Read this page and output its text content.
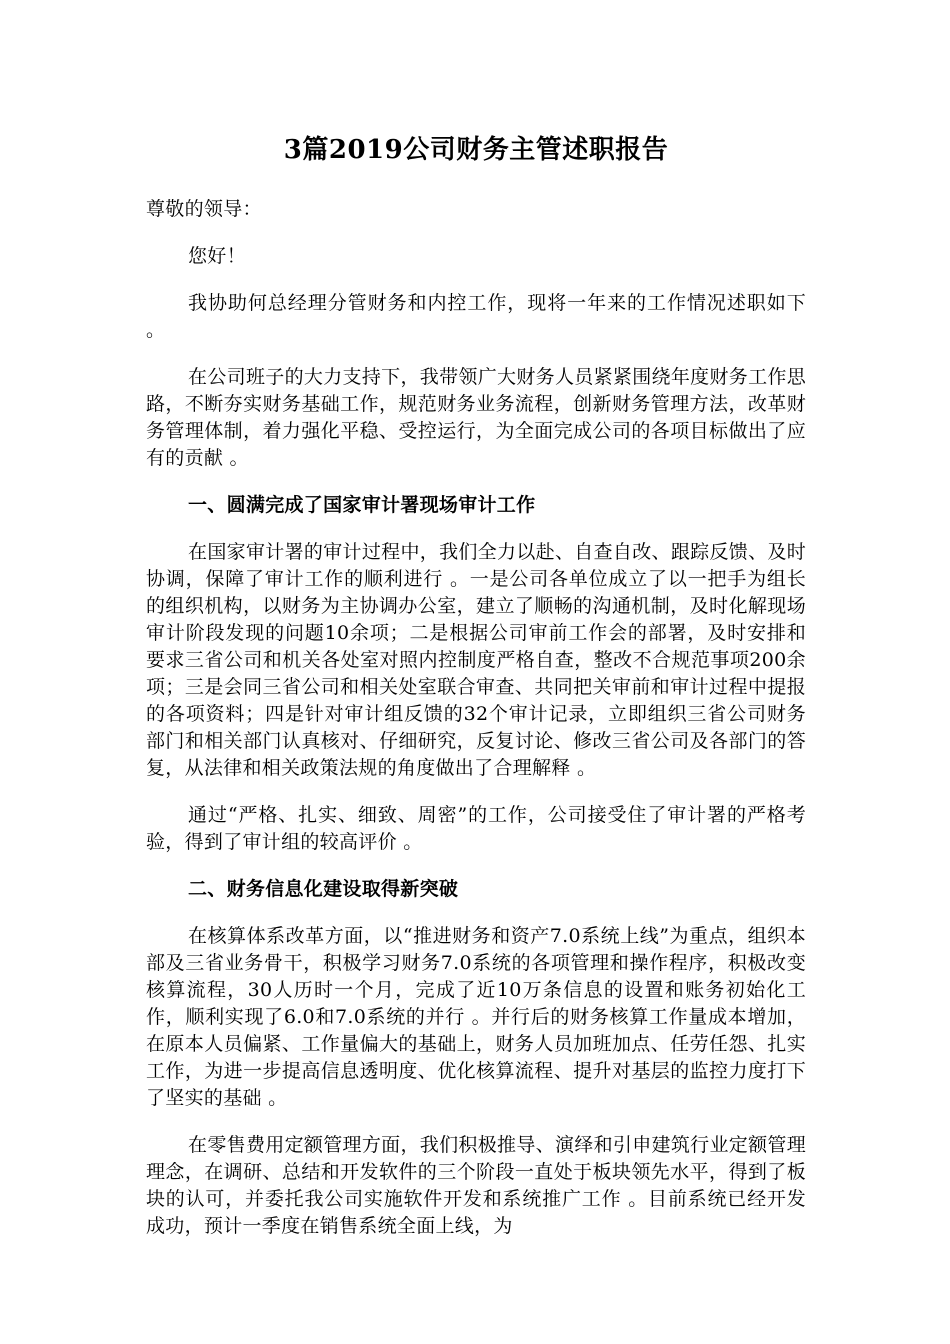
3篇2019公司财务主管述职报告

尊敬的领导：

您好！

我协助何总经理分管财务和内控工作，现将一年来的工作情况述职如下 。

在公司班子的大力支持下，我带领广大财务人员紧紧围绕年度财务工作思路，不断夯实财务基础工作，规范财务业务流程，创新财务管理方法，改革财务管理体制，着力强化平稳、受控运行，为全面完成公司的各项目标做出了应有的贡献 。

一、圆满完成了国家审计署现场审计工作

在国家审计署的审计过程中，我们全力以赴、自查自改、跟踪反馈、及时协调，保障了审计工作的顺利进行 。一是公司各单位成立了以一把手为组长的组织机构，以财务为主协调办公室，建立了顺畅的沟通机制，及时化解现场审计阶段发现的问题10余项；二是根据公司审前工作会的部署，及时安排和要求三省公司和机关各处室对照内控制度严格自查，整改不合规范事项200余项；三是会同三省公司和相关处室联合审查、共同把关审前和审计过程中提报的各项资料；四是针对审计组反馈的32个审计记录，立即组织三省公司财务部门和相关部门认真核对、仔细研究，反复讨论、修改三省公司及各部门的答复，从法律和相关政策法规的角度做出了合理解释 。

通过“严格、扎实、细致、周密”的工作，公司接受住了审计署的严格考验，得到了审计组的较高评价 。

二、财务信息化建设取得新突破

在核算体系改革方面，以“推进财务和资产7.0系统上线”为重点，组织本部及三省业务骨干，积极学习财务7.0系统的各项管理和操作程序，积极改变核算流程，30人历时一个月，完成了近10万条信息的设置和账务初始化工作，顺利实现了6.0和7.0系统的并行 。并行后的财务核算工作量成本增加，在原本人员偏紧、工作量偏大的基础上，财务人员加班加点、任劳任怨、扎实工作，为进一步提高信息透明度、优化核算流程、提升对基层的监控力度打下了坚实的基础 。

在零售费用定额管理方面，我们积极推导、演绎和引申建筑行业定额管理理念，在调研、总结和开发软件的三个阶段一直处于板块领先水平，得到了板块的认可，并委托我公司实施软件开发和系统推广工作 。目前系统已经开发成功，预计一季度在销售系统全面上线，为
